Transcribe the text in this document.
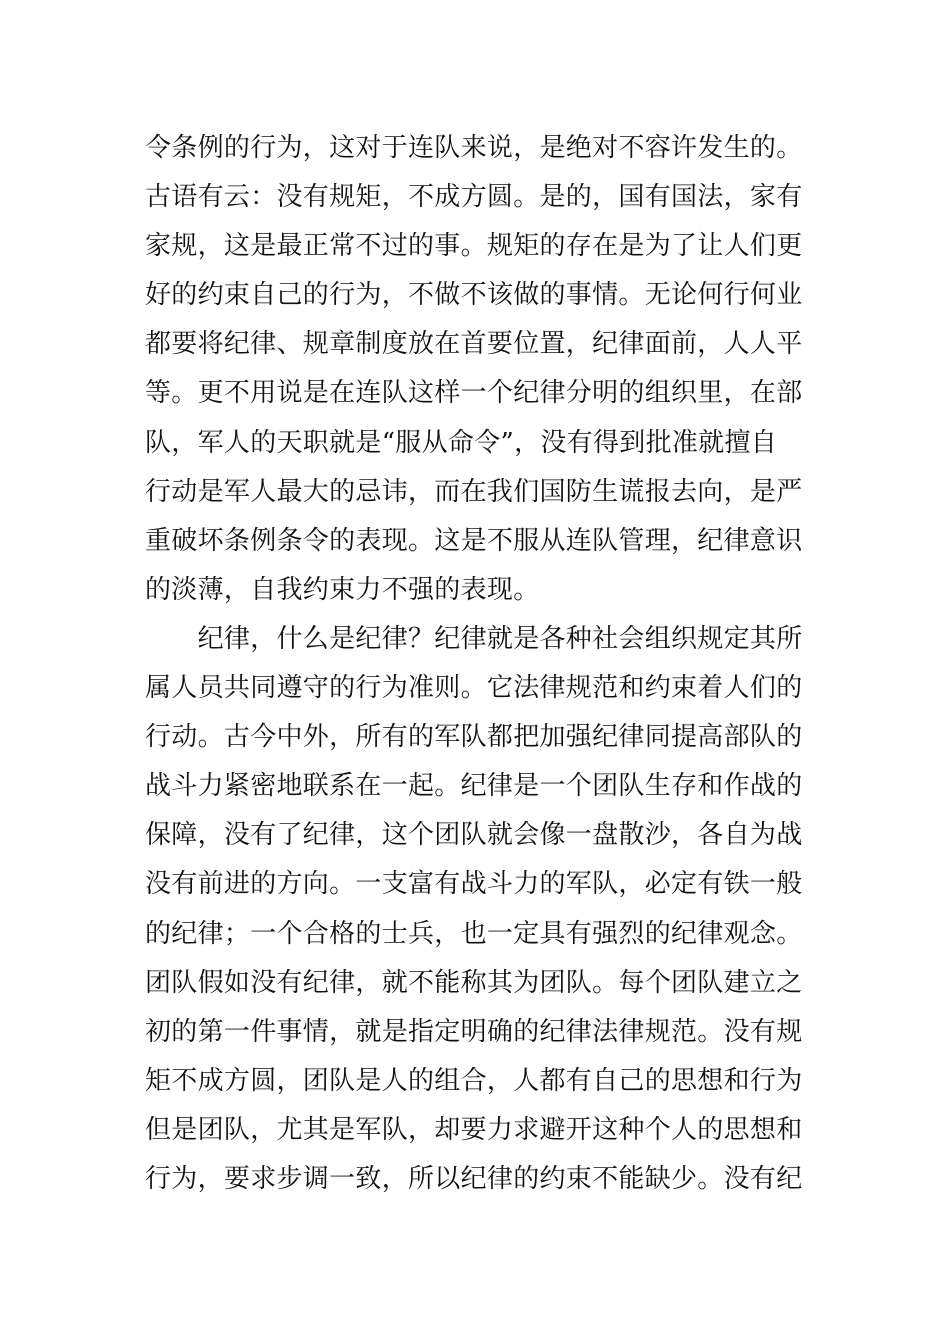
令条例的行为，这对于连队来说，是绝对不容许发生的。
古语有云：没有规矩，不成方圆。是的，国有国法，家有
家规，这是最正常不过的事。规矩的存在是为了让人们更
好的约束自己的行为，不做不该做的事情。无论何行何业
都要将纪律、规章制度放在首要位置，纪律面前，人人平
等。更不用说是在连队这样一个纪律分明的组织里，在部
队，军人的天职就是“服从命令”，没有得到批准就擅自
行动是军人最大的忌讳，而在我们国防生谎报去向，是严
重破坏条例条令的表现。这是不服从连队管理，纪律意识
的淡薄，自我约束力不强的表现。
　　纪律，什么是纪律？纪律就是各种社会组织规定其所
属人员共同遵守的行为准则。它法律规范和约束着人们的
行动。古今中外，所有的军队都把加强纪律同提高部队的
战斗力紧密地联系在一起。纪律是一个团队生存和作战的
保障，没有了纪律，这个团队就会像一盘散沙，各自为战
没有前进的方向。一支富有战斗力的军队，必定有铁一般
的纪律；一个合格的士兵，也一定具有强烈的纪律观念。
团队假如没有纪律，就不能称其为团队。每个团队建立之
初的第一件事情，就是指定明确的纪律法律规范。没有规
矩不成方圆，团队是人的组合，人都有自己的思想和行为
但是团队，尤其是军队，却要力求避开这种个人的思想和
行为，要求步调一致，所以纪律的约束不能缺少。没有纪
